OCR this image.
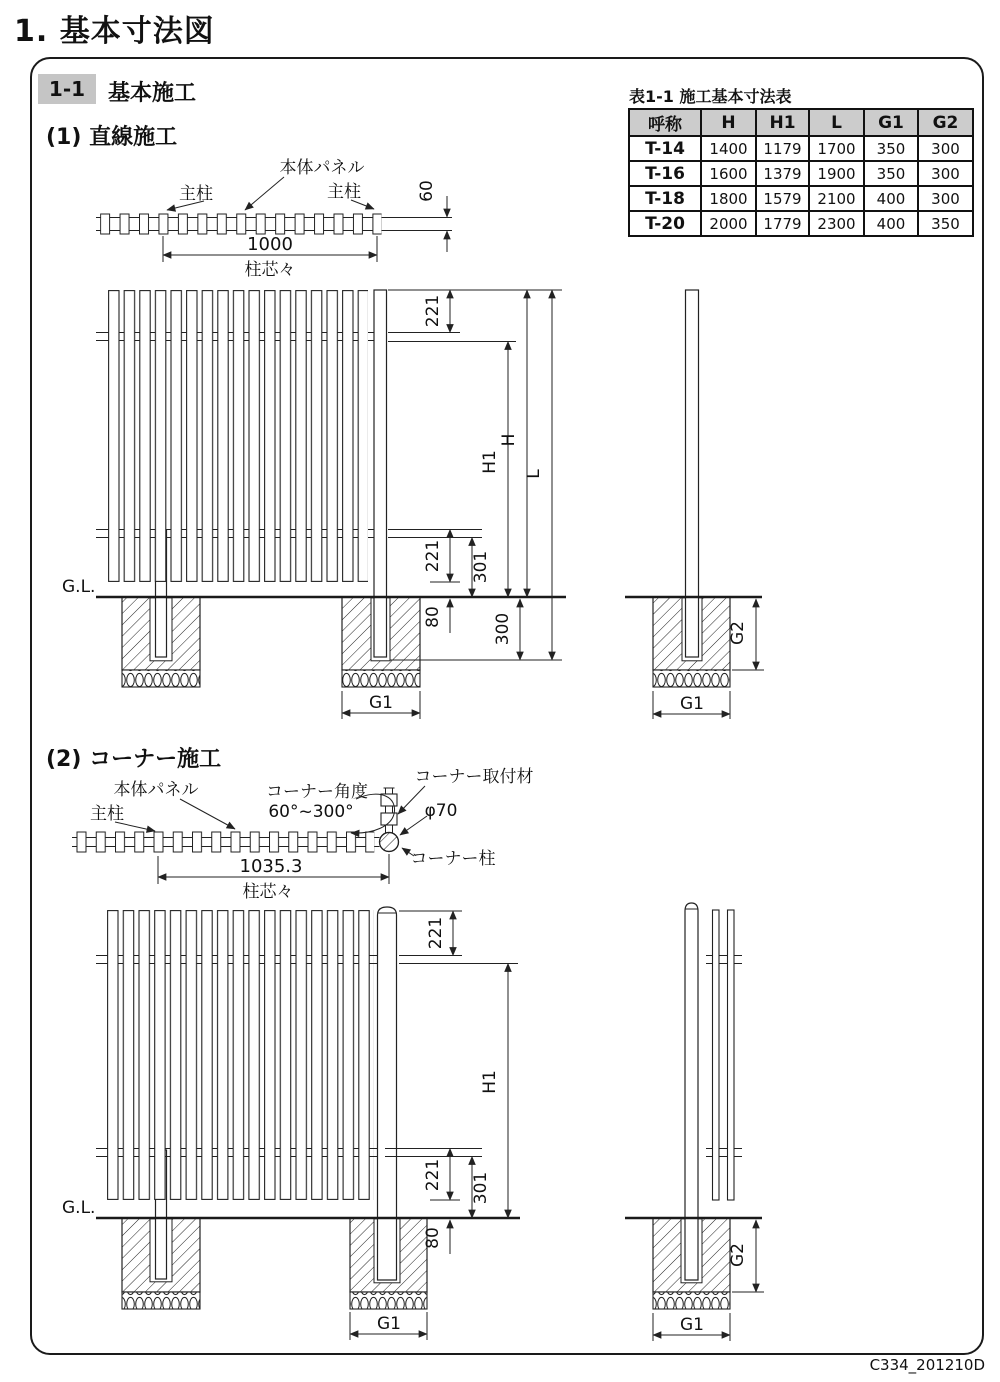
1. 基本寸法図
1-1	基本施工
(1) 直線施工
(2) コーナー施工
表1-1 施工基本寸法表
呼称	H	H1	L	G1	G2
T-14	1400	1179	1700	350	300
T-16	1600	1379	1900	350	300
T-18	1800	1579	2100	400	300
T-20	2000	1779	2300	400	350
60
1000
柱芯々
本体パネル
主柱	主柱
G.L.
221
221 301
80
H1
H
L
300
G1
G2
G1
本体パネル
主柱
コーナー角度
60°~300°
コーナー取付材
φ70
コーナー柱
1035.3
柱芯々
G.L.
221
H1
221 301
80
G1
G2
G1
C334_201210D
